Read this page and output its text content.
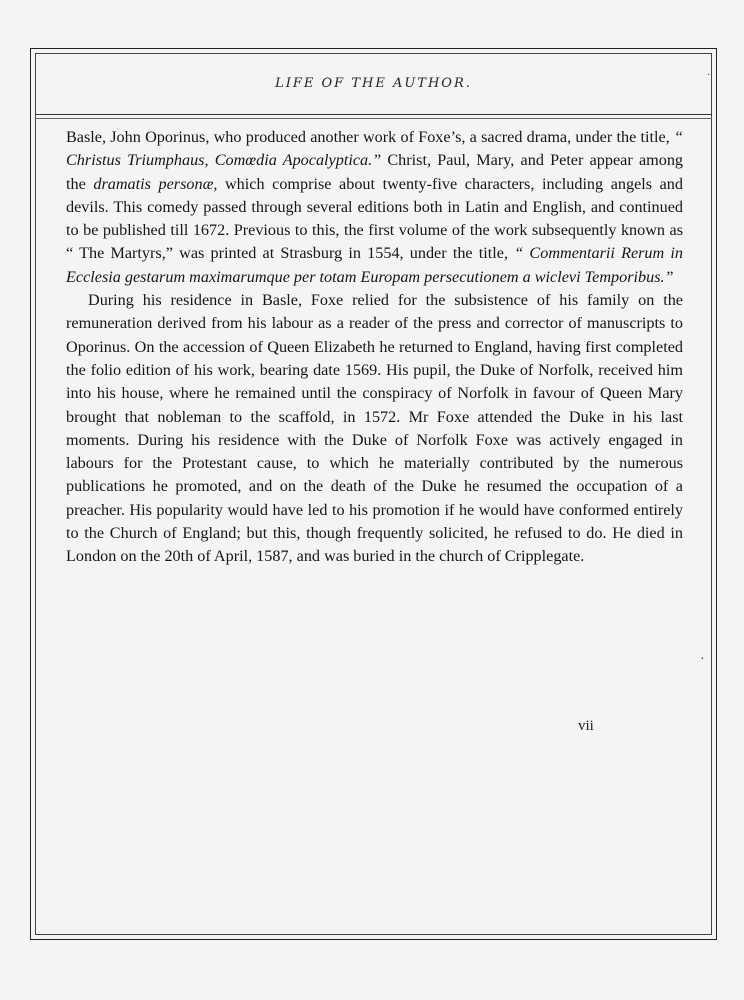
LIFE OF THE AUTHOR.

Basle, John Oporinus, who produced another work of Foxe’s, a sacred drama, under the title, “ Christus Triumphaus, Comœdia Apocalyptica.” Christ, Paul, Mary, and Peter appear among the dramatis personæ, which comprise about twenty-five characters, including angels and devils. This comedy passed through several editions both in Latin and English, and continued to be published till 1672. Previous to this, the first volume of the work subsequently known as “ The Martyrs,” was printed at Strasburg in 1554, under the title, “ Commentarii Rerum in Ecclesia gestarum maximarumque per totam Europam persecutionem a wiclevi Temporibus.”

During his residence in Basle, Foxe relied for the subsistence of his family on the remuneration derived from his labour as a reader of the press and corrector of manuscripts to Oporinus. On the accession of Queen Elizabeth he returned to England, having first completed the folio edition of his work, bearing date 1569. His pupil, the Duke of Norfolk, received him into his house, where he remained until the conspiracy of Norfolk in favour of Queen Mary brought that nobleman to the scaffold, in 1572. Mr Foxe attended the Duke in his last moments. During his residence with the Duke of Norfolk Foxe was actively engaged in labours for the Protestant cause, to which he materially contributed by the numerous publications he promoted, and on the death of the Duke he resumed the occupation of a preacher. His popularity would have led to his promotion if he would have conformed entirely to the Church of England; but this, though frequently solicited, he refused to do. He died in London on the 20th of April, 1587, and was buried in the church of Cripplegate.

vii
·
·
